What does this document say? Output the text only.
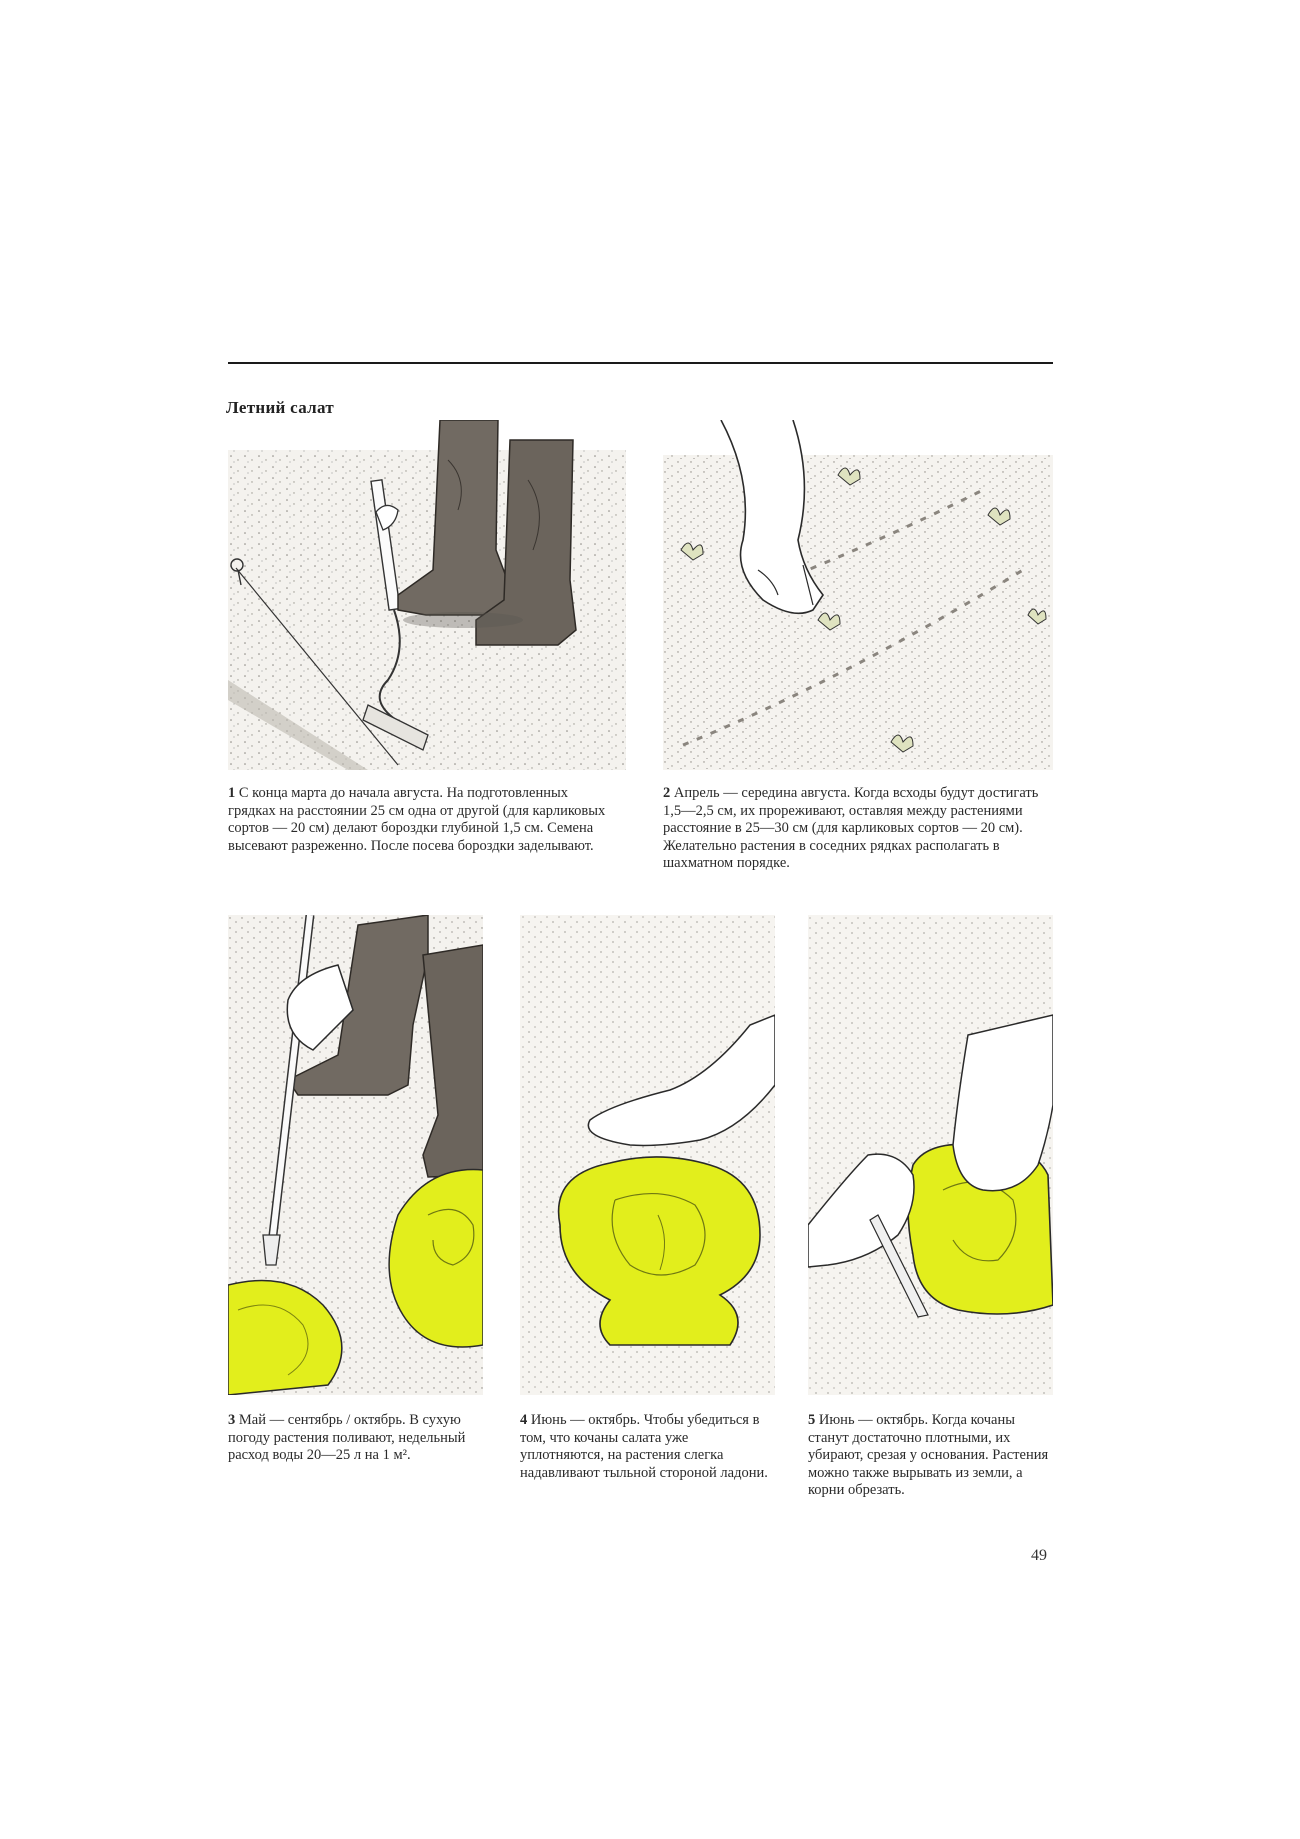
Летний салат

1 С конца марта до начала августа. На подготовленных грядках на расстоянии 25 см одна от другой (для карликовых сортов — 20 см) делают бороздки глубиной 1,5 см. Семена высевают разреженно. После посева бороздки заделывают.

2 Апрель — середина августа. Когда всходы будут достигать 1,5—2,5 см, их прореживают, оставляя между растениями расстояние в 25—30 см (для карликовых сортов — 20 см). Желательно растения в соседних рядках располагать в шахматном порядке.

3 Май — сентябрь / октябрь. В сухую погоду растения поливают, недельный расход воды 20—25 л на 1 м².

4 Июнь — октябрь. Чтобы убедиться в том, что кочаны салата уже уплотняются, на растения слегка надавливают тыльной стороной ладони.

5 Июнь — октябрь. Когда кочаны станут достаточно плотными, их убирают, срезая у основания. Растения можно также вырывать из земли, а корни обрезать.

49
